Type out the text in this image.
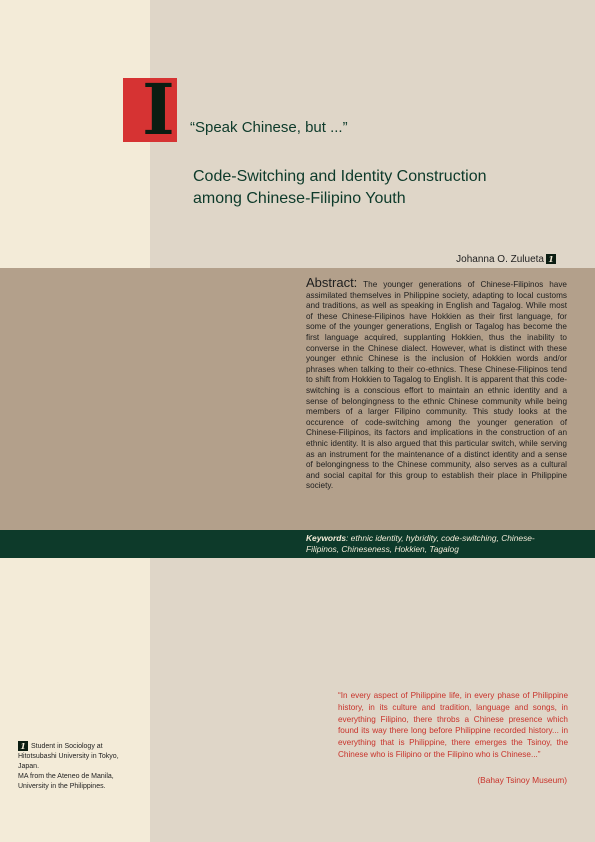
I	“Speak Chinese, but ...”
Code-Switching and Identity Construction
among Chinese-Filipino Youth
Johanna O. Zulueta 1
Abstract: The younger generations of Chinese-Filipinos have assimilated themselves in Philippine society, adapting to local customs and traditions, as well as speaking in English and Tagalog. While most of these Chinese-Filipinos have Hokkien as their first language, for some of the younger generations, English or Tagalog has become the first language acquired, supplanting Hokkien, thus the inability to converse in the Chinese dialect. However, what is distinct with these younger ethnic Chinese is the inclusion of Hokkien words and/or phrases when talking to their co-ethnics. These Chinese-Filipinos tend to shift from Hokkien to Tagalog to English. It is apparent that this code-switching is a conscious effort to maintain an ethnic identity and a sense of belongingness to the ethnic Chinese community while being members of a larger Filipino community. This study looks at the occurence of code-switching among the younger generation of Chinese-Filipinos, its factors and implications in the construction of an ethnic identity. It is also argued that this particular switch, while serving as an instrument for the maintenance of a distinct identity and a sense of belongingness to the Chinese community, also serves as a cultural and social capital for this group to establish their place in Philippine society.
Keywords: ethnic identity, hybridity, code-switching, Chinese-Filipinos, Chineseness, Hokkien, Tagalog
“In every aspect of Philippine life, in every phase of Philippine history, in its culture and tradition, language and songs, in everything Filipino, there throbs a Chinese presence which found its way there long before Philippine recorded history... in everything that is Philippine, there emerges the Tsinoy, the Chinese who is Filipino or the Filipino who is Chinese...”
(Bahay Tsinoy Museum)
1 Student in Sociology at Hitotsubashi University in Tokyo, Japan.
MA from the Ateneo de Manila, University in the Philippines.
